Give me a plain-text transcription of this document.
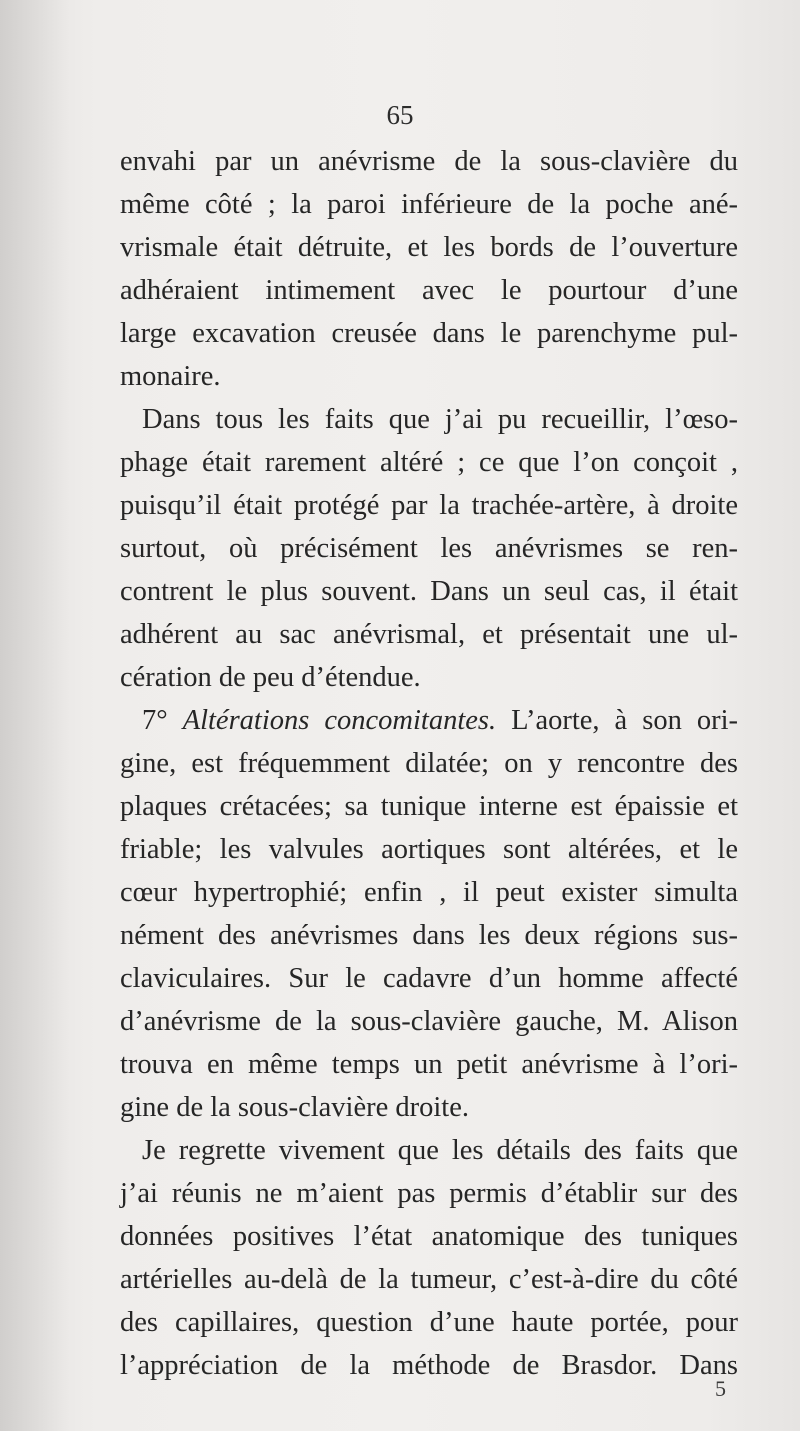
65
envahi par un anévrisme de la sous-clavière du
même côté ; la paroi inférieure de la poche ané-
vrismale était détruite, et les bords de l’ouverture
adhéraient intimement avec le pourtour d’une
large excavation creusée dans le parenchyme pul-
monaire.
Dans tous les faits que j’ai pu recueillir, l’œso-
phage était rarement altéré ; ce que l’on conçoit ,
puisqu’il était protégé par la trachée-artère, à droite
surtout, où précisément les anévrismes se ren-
contrent le plus souvent. Dans un seul cas, il était
adhérent au sac anévrismal, et présentait une ul-
cération de peu d’étendue.
7° Altérations concomitantes. L’aorte, à son ori-
gine, est fréquemment dilatée; on y rencontre des
plaques crétacées; sa tunique interne est épaissie et
friable; les valvules aortiques sont altérées, et le
cœur hypertrophié; enfin , il peut exister simulta
nément des anévrismes dans les deux régions sus-
claviculaires. Sur le cadavre d’un homme affecté
d’anévrisme de la sous-clavière gauche, M. Alison
trouva en même temps un petit anévrisme à l’ori-
gine de la sous-clavière droite.
Je regrette vivement que les détails des faits que
j’ai réunis ne m’aient pas permis d’établir sur des
données positives l’état anatomique des tuniques
artérielles au-delà de la tumeur, c’est-à-dire du côté
des capillaires, question d’une haute portée, pour
l’appréciation de la méthode de Brasdor. Dans
5
